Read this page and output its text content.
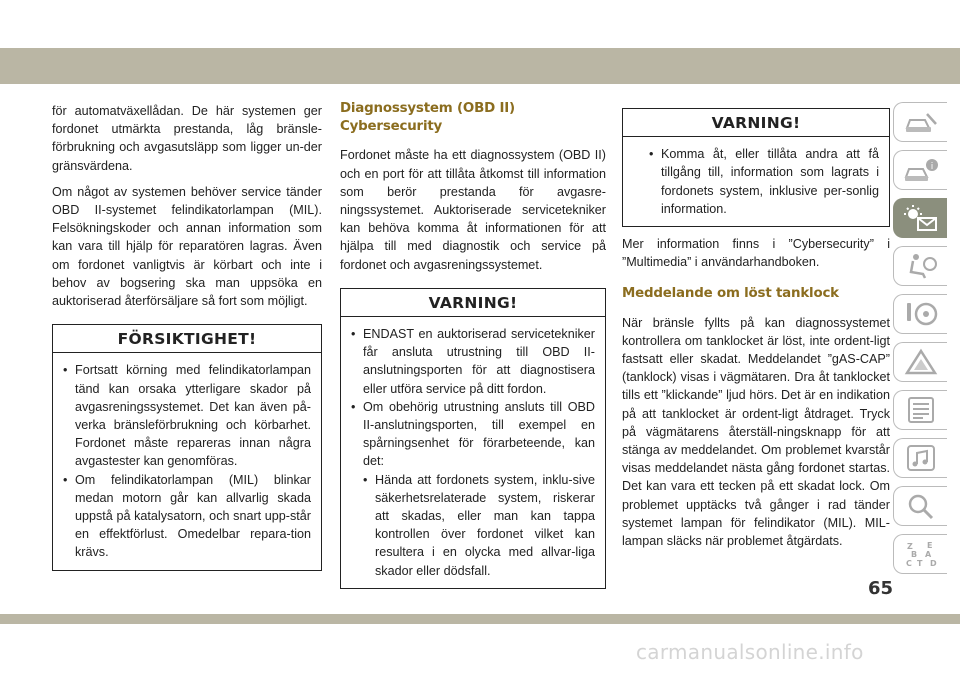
för automatväxellådan. De här systemen ger fordonet utmärkta prestanda, låg bränsle-förbrukning och avgasutsläpp som ligger un-der gränsvärdena.

Om något av systemen behöver service tänder OBD II-systemet felindikatorlampan (MIL). Felsökningskoder och annan information som kan vara till hjälp för reparatören lagras. Även om fordonet vanligtvis är körbart och inte i behov av bogsering ska man uppsöka en auktoriserad återförsäljare så fort som möjligt.

FÖRSIKTIGHET!
• Fortsatt körning med felindikatorlampan tänd kan orsaka ytterligare skador på avgasreningssystemet. Det kan även på-verka bränsleförbrukning och körbarhet. Fordonet måste repareras innan några avgastester kan genomföras.
• Om felindikatorlampan (MIL) blinkar medan motorn går kan allvarlig skada uppstå på katalysatorn, och snart upp-står en effektförlust. Omedelbar repara-tion krävs.
Diagnossystem (OBD II) Cybersecurity

Fordonet måste ha ett diagnossystem (OBD II) och en port för att tillåta åtkomst till information som berör prestanda för avgasre-ningssystemet. Auktoriserade servicetekniker kan behöva komma åt informationen för att hjälpa till med diagnostik och service på fordonet och avgasreningssystemet.

VARNING!
• ENDAST en auktoriserad servicetekniker får ansluta utrustning till OBD II-anslutningsporten för att diagnostisera eller utföra service på ditt fordon.
• Om obehörig utrustning ansluts till OBD II-anslutningsporten, till exempel en spårningsenhet för förarbeteende, kan det:
• Hända att fordonets system, inklu-sive säkerhetsrelaterade system, riskerar att skadas, eller man kan tappa kontrollen över fordonet vilket kan resultera i en olycka med allvar-liga skador eller dödsfall.
VARNING!
• Komma åt, eller tillåta andra att få tillgång till, information som lagrats i fordonets system, inklusive per-sonlig information.

Mer information finns i ”Cybersecurity” i ”Multimedia” i användarhandboken.

Meddelande om löst tanklock

När bränsle fyllts på kan diagnossystemet kontrollera om tanklocket är löst, inte ordent-ligt fastsatt eller skadat. Meddelandet ”gAS-CAP” (tanklock) visas i vägmätaren. Dra åt tanklocket tills ett ”klickande” ljud hörs. Det är en indikation på att tanklocket är ordent-ligt åtdraget. Tryck på vägmätarens återställ-ningsknapp för att stänga av meddelandet. Om problemet kvarstår visas meddelandet nästa gång fordonet startas. Det kan vara ett tecken på ett skadat lock. Om problemet upptäcks två gånger i rad tänder systemet lampan för felindikator (MIL). MIL-lampan släcks när problemet åtgärdats.

i
Z E
B A
C T D
65
carmanualsonline.info
